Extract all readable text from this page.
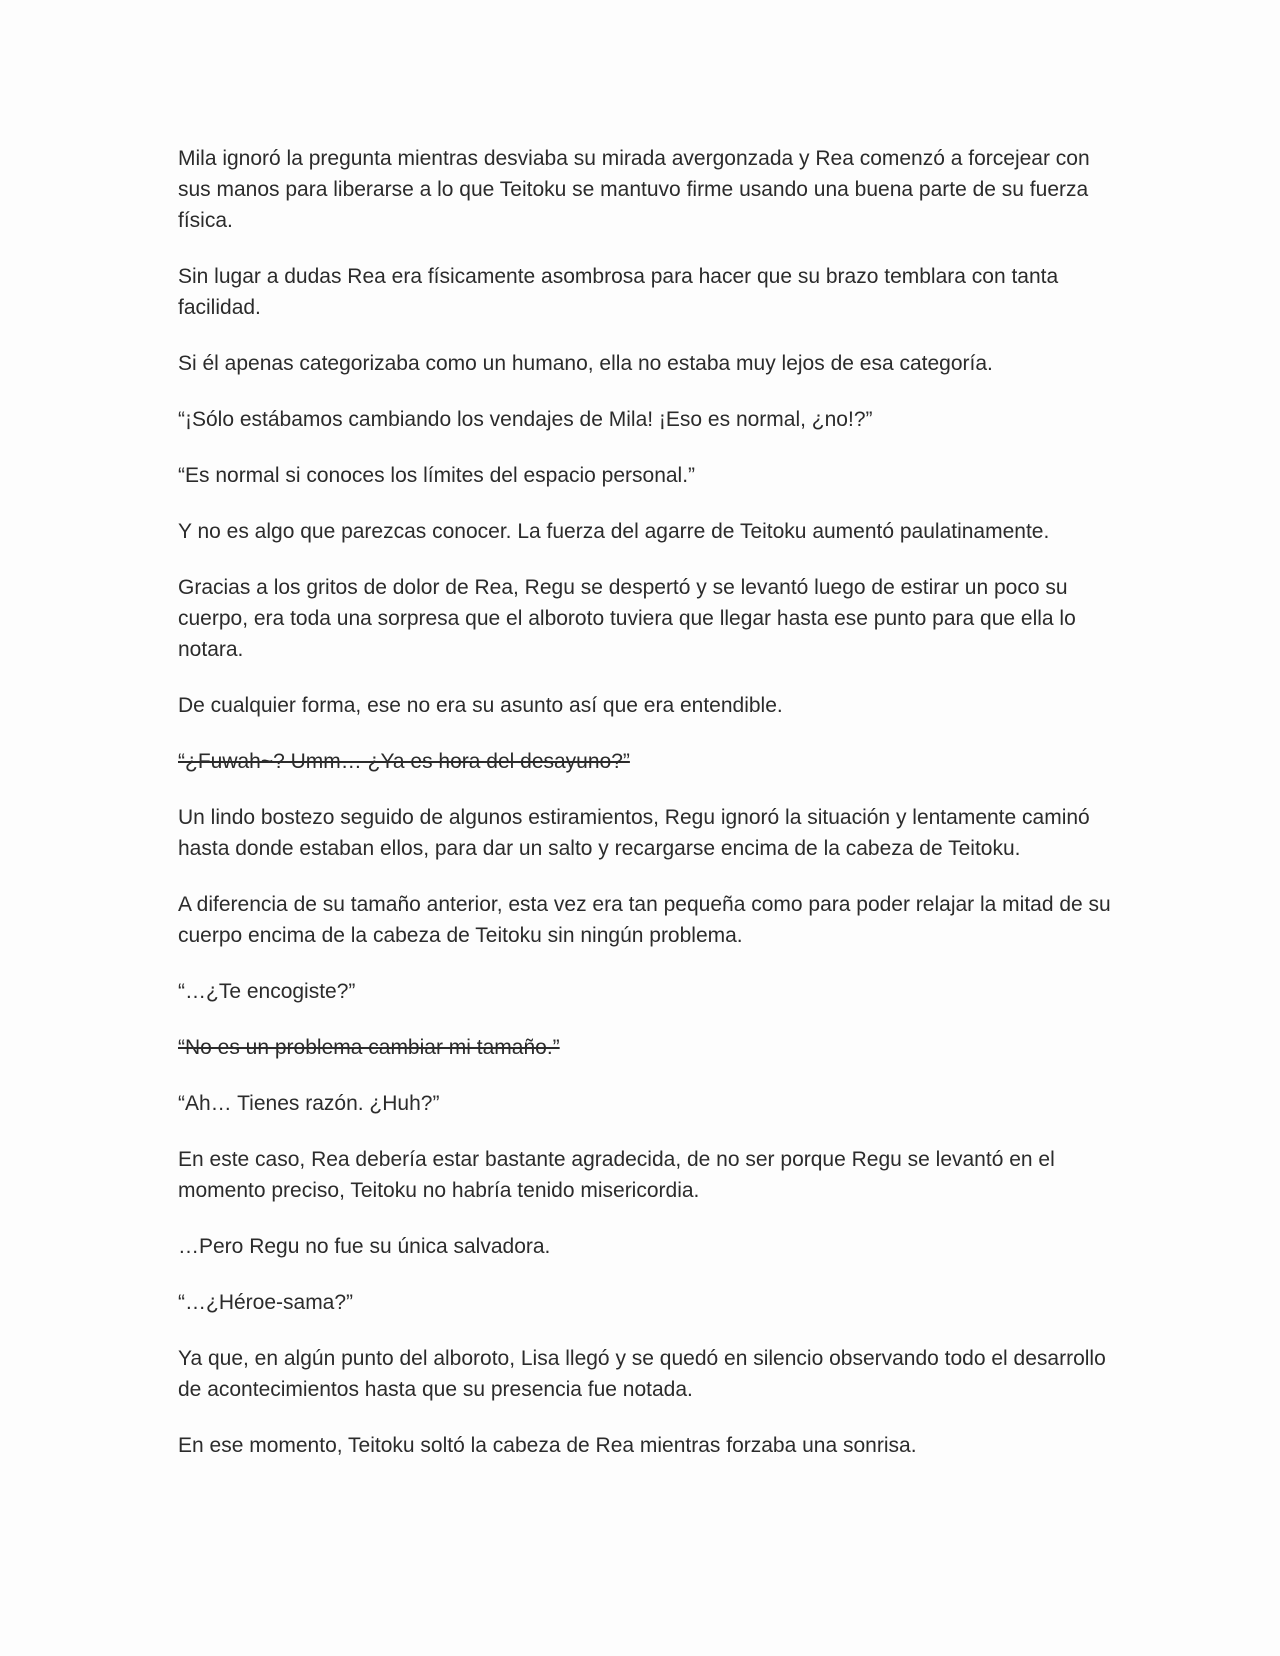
Mila ignoró la pregunta mientras desviaba su mirada avergonzada y Rea comenzó a forcejear con sus manos para liberarse a lo que Teitoku se mantuvo firme usando una buena parte de su fuerza física.

Sin lugar a dudas Rea era físicamente asombrosa para hacer que su brazo temblara con tanta facilidad.

Si él apenas categorizaba como un humano, ella no estaba muy lejos de esa categoría.

“¡Sólo estábamos cambiando los vendajes de Mila! ¡Eso es normal, ¿no!?”

“Es normal si conoces los límites del espacio personal.”

Y no es algo que parezcas conocer. La fuerza del agarre de Teitoku aumentó paulatinamente.

Gracias a los gritos de dolor de Rea, Regu se despertó y se levantó luego de estirar un poco su cuerpo, era toda una sorpresa que el alboroto tuviera que llegar hasta ese punto para que ella lo notara.

De cualquier forma, ese no era su asunto así que era entendible.

“¿Fuwah~? Umm… ¿Ya es hora del desayuno?”

Un lindo bostezo seguido de algunos estiramientos, Regu ignoró la situación y lentamente caminó hasta donde estaban ellos, para dar un salto y recargarse encima de la cabeza de Teitoku.

A diferencia de su tamaño anterior, esta vez era tan pequeña como para poder relajar la mitad de su cuerpo encima de la cabeza de Teitoku sin ningún problema.

“…¿Te encogiste?”

“No es un problema cambiar mi tamaño.”

“Ah… Tienes razón. ¿Huh?”

En este caso, Rea debería estar bastante agradecida, de no ser porque Regu se levantó en el momento preciso, Teitoku no habría tenido misericordia.

…Pero Regu no fue su única salvadora.

“…¿Héroe-sama?”

Ya que, en algún punto del alboroto, Lisa llegó y se quedó en silencio observando todo el desarrollo de acontecimientos hasta que su presencia fue notada.

En ese momento, Teitoku soltó la cabeza de Rea mientras forzaba una sonrisa.
